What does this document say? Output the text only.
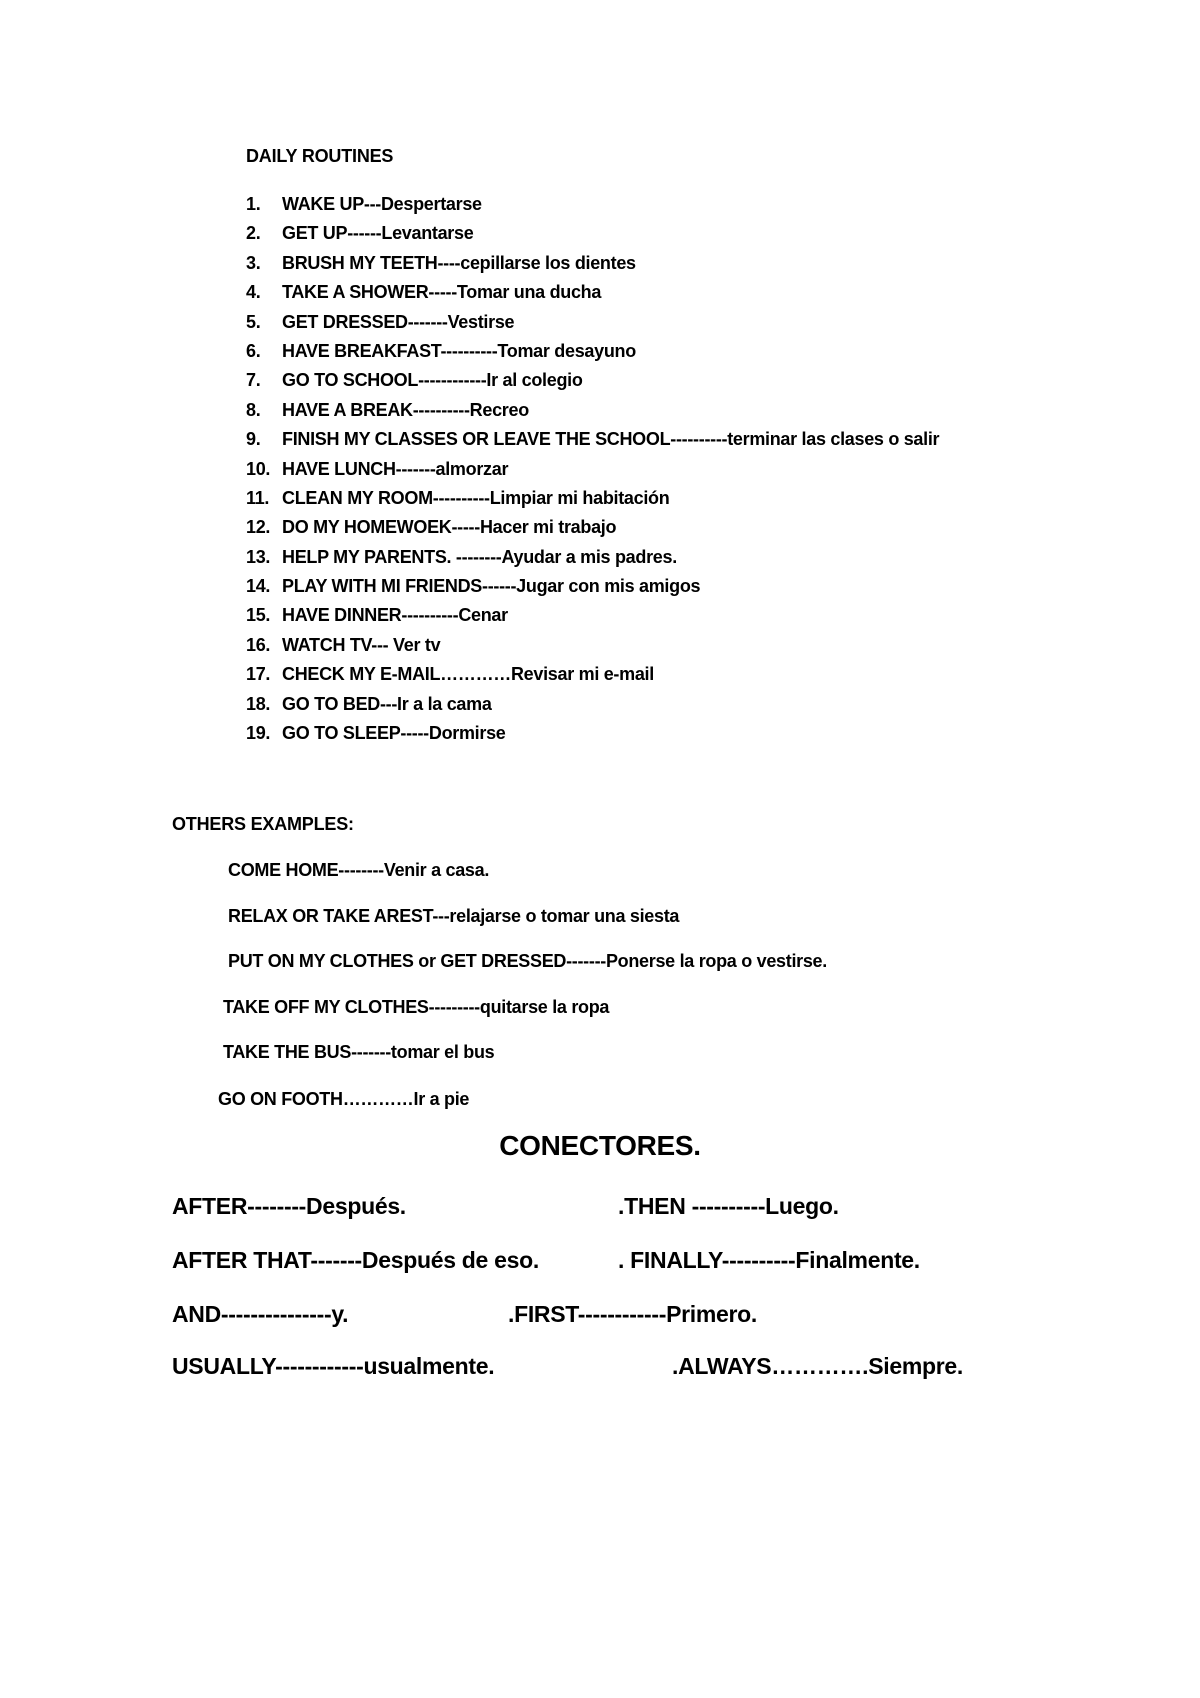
DAILY ROUTINES
1. WAKE UP---Despertarse
2. GET UP------Levantarse
3. BRUSH MY TEETH----cepillarse los dientes
4. TAKE A SHOWER-----Tomar una ducha
5. GET DRESSED-------Vestirse
6. HAVE BREAKFAST----------Tomar desayuno
7. GO TO SCHOOL------------Ir al colegio
8.HAVE A BREAK----------Recreo
9.FINISH MY CLASSES OR LEAVE THE SCHOOL----------terminar las clases o salir
10. HAVE LUNCH-------almorzar
11. CLEAN MY ROOM----------Limpiar mi habitación
12. DO MY HOMEWOEK-----Hacer mi trabajo
13. HELP MY PARENTS. --------Ayudar a mis padres.
14. PLAY WITH MI FRIENDS------Jugar con mis amigos
15. HAVE DINNER----------Cenar
16. WATCH TV--- Ver tv
17. CHECK MY E-MAIL…………Revisar mi e-mail
18. GO TO BED---Ir a la cama
19. GO TO SLEEP-----Dormirse
OTHERS EXAMPLES:
COME HOME--------Venir a casa.
RELAX OR TAKE AREST---relajarse o tomar una siesta
PUT ON MY CLOTHES or GET DRESSED-------Ponerse la ropa o vestirse.
TAKE OFF MY CLOTHES---------quitarse la ropa
TAKE THE BUS-------tomar el bus
GO ON FOOTH…………Ir a pie
CONECTORES.
AFTER--------Después.	.THEN ----------Luego.
AFTER THAT-------Después de eso.	. FINALLY----------Finalmente.
AND---------------y.	.FIRST------------Primero.
USUALLY------------usualmente.	.ALWAYS………….Siempre.
